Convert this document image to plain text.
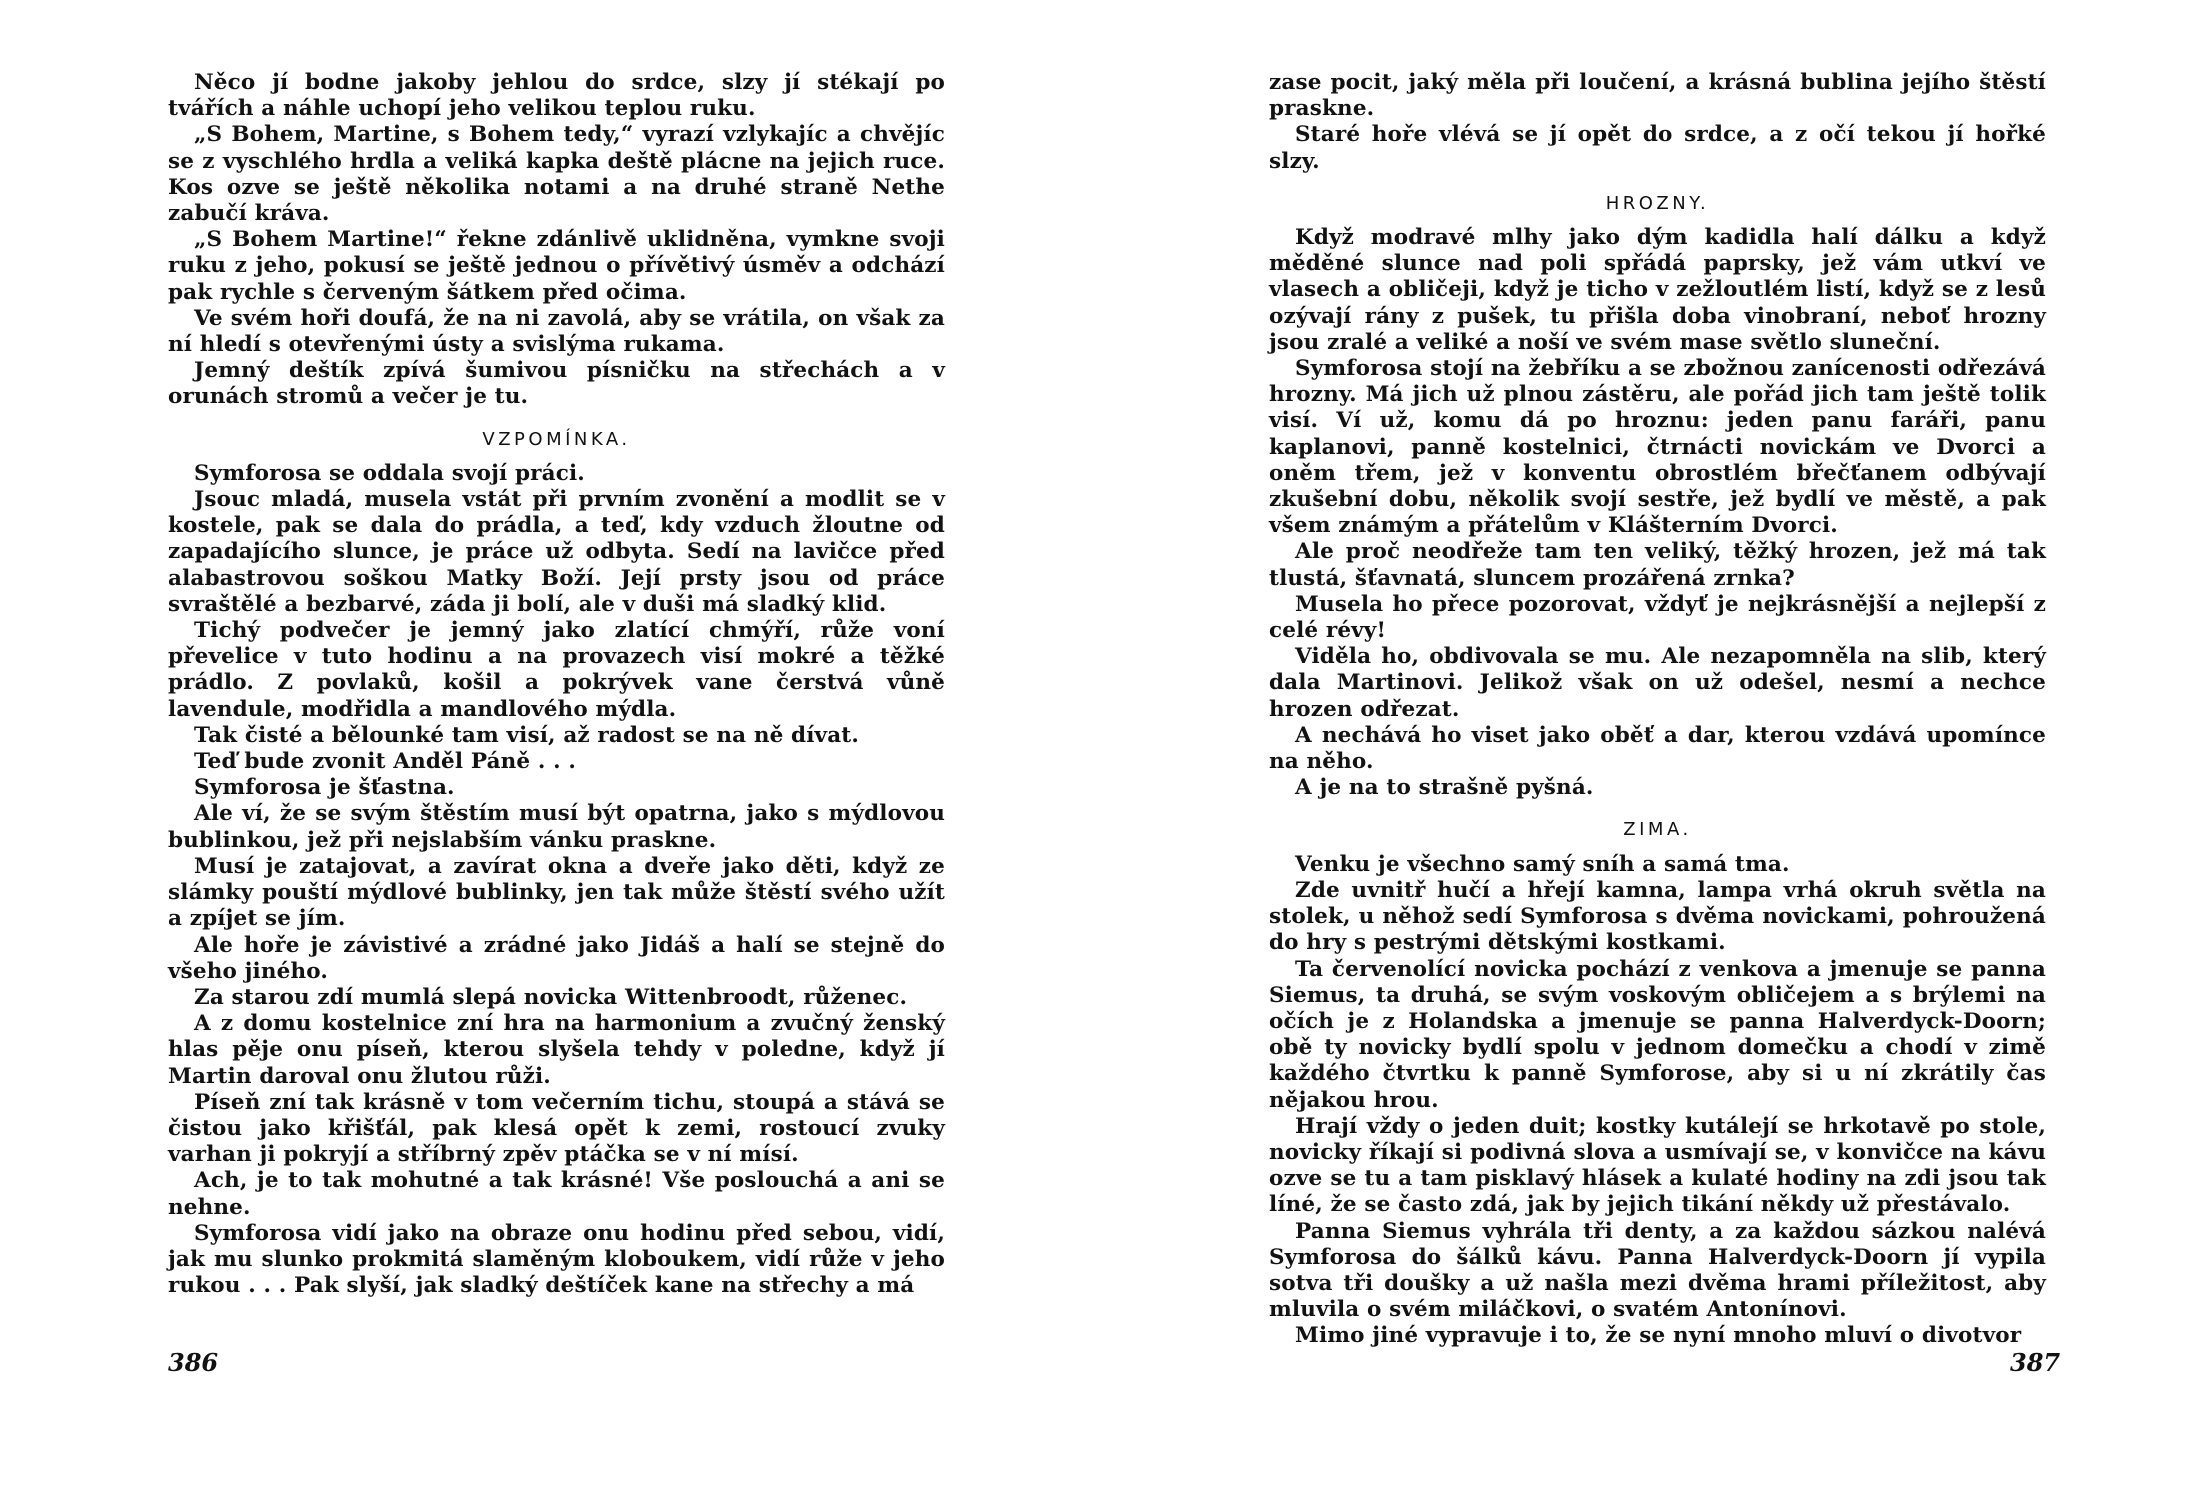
Něco jí bodne jakoby jehlou do srdce, slzy jí stékají po tvářích a náhle uchopí jeho velikou teplou ruku.

„S Bohem, Martine, s Bohem tedy,“ vyrazí vzlykajíc a chvějíc se z vyschlého hrdla a veliká kapka deště plácne na jejich ruce. Kos ozve se ještě několika notami a na druhé straně Nethe zabučí kráva.

„S Bohem Martine!“ řekne zdánlivě uklidněna, vymkne svoji ruku z jeho, pokusí se ještě jednou o přívětivý úsměv a odchází pak rychle s červeným šátkem před očima.

Ve svém hoři doufá, že na ni zavolá, aby se vrátila, on však za ní hledí s otevřenými ústy a svislýma rukama.

Jemný deštík zpívá šumivou písničku na střechách a v orunách stromů a večer je tu.

VZPOMÍNKA.

Symforosa se oddala svojí práci.

Jsouc mladá, musela vstát při prvním zvonění a modlit se v kostele, pak se dala do prádla, a teď, kdy vzduch žloutne od zapadajícího slunce, je práce už odbyta. Sedí na lavičce před alabastrovou soškou Matky Boží. Její prsty jsou od práce svraštělé a bezbarvé, záda ji bolí, ale v duši má sladký klid.

Tichý podvečer je jemný jako zlatící chmýří, růže voní převelice v tuto hodinu a na provazech visí mokré a těžké prádlo. Z povlaků, košil a pokrývek vane čerstvá vůně lavendule, modřidla a mandlového mýdla.

Tak čisté a bělounké tam visí, až radost se na ně dívat.

Teď bude zvonit Anděl Páně . . .

Symforosa je šťastna.

Ale ví, že se svým štěstím musí být opatrna, jako s mýdlovou bublinkou, jež při nejslabším vánku praskne.

Musí je zatajovat, a zavírat okna a dveře jako děti, když ze slámky pouští mýdlové bublinky, jen tak může štěstí svého užít a zpíjet se jím.

Ale hoře je závistivé a zrádné jako Jidáš a halí se stejně do všeho jiného.

Za starou zdí mumlá slepá novicka Wittenbroodt, růženec.

A z domu kostelnice zní hra na harmonium a zvučný ženský hlas pěje onu píseň, kterou slyšela tehdy v poledne, když jí Martin daroval onu žlutou růži.

Píseň zní tak krásně v tom večerním tichu, stoupá a stává se čistou jako křišťál, pak klesá opět k zemi, rostoucí zvuky varhan ji pokryjí a stříbrný zpěv ptáčka se v ní mísí.

Ach, je to tak mohutné a tak krásné! Vše poslouchá a ani se nehne.

Symforosa vidí jako na obraze onu hodinu před sebou, vidí, jak mu slunko prokmitá slaměným kloboukem, vidí růže v jeho rukou . . . Pak slyší, jak sladký deštíček kane na střechy a má

386

zase pocit, jaký měla při loučení, a krásná bublina jejího štěstí praskne.

Staré hoře vlévá se jí opět do srdce, a z očí tekou jí hořké slzy.

HROZNY.

Když modravé mlhy jako dým kadidla halí dálku a když měděné slunce nad poli spřádá paprsky, jež vám utkví ve vlasech a obličeji, když je ticho v zežloutlém listí, když se z lesů ozývají rány z pušek, tu přišla doba vinobraní, neboť hrozny jsou zralé a veliké a noší ve svém mase světlo sluneční.

Symforosa stojí na žebříku a se zbožnou zanícenosti odřezává hrozny. Má jich už plnou zástěru, ale pořád jich tam ještě tolik visí. Ví už, komu dá po hroznu: jeden panu faráři, panu kaplanovi, panně kostelnici, čtrnácti novickám ve Dvorci a oněm třem, jež v konventu obrostlém břečťanem odbývají zkušební dobu, několik svojí sestře, jež bydlí ve městě, a pak všem známým a přátelům v Klášterním Dvorci.

Ale proč neodřeže tam ten veliký, těžký hrozen, jež má tak tlustá, šťavnatá, sluncem prozářená zrnka?

Musela ho přece pozorovat, vždyť je nejkrásnější a nejlepší z celé révy!

Viděla ho, obdivovala se mu. Ale nezapomněla na slib, který dala Martinovi. Jelikož však on už odešel, nesmí a nechce hrozen odřezat.

A nechává ho viset jako oběť a dar, kterou vzdává upomínce na něho.

A je na to strašně pyšná.

ZIMA.

Venku je všechno samý sníh a samá tma.

Zde uvnitř hučí a hřejí kamna, lampa vrhá okruh světla na stolek, u něhož sedí Symforosa s dvěma novickami, pohroužená do hry s pestrými dětskými kostkami.

Ta červenolící novicka pochází z venkova a jmenuje se panna Siemus, ta druhá, se svým voskovým obličejem a s brýlemi na očích je z Holandska a jmenuje se panna Halverdyck-Doorn; obě ty novicky bydlí spolu v jednom domečku a chodí v zimě každého čtvrtku k panně Symforose, aby si u ní zkrátily čas nějakou hrou.

Hrají vždy o jeden duit; kostky kutálejí se hrkotavě po stole, novicky říkají si podivná slova a usmívají se, v konvičce na kávu ozve se tu a tam pisklavý hlásek a kulaté hodiny na zdi jsou tak líné, že se často zdá, jak by jejich tikání někdy už přestávalo.

Panna Siemus vyhrála tři denty, a za každou sázkou nalévá Symforosa do šálků kávu. Panna Halverdyck-Doorn jí vypila sotva tři doušky a už našla mezi dvěma hrami příležitost, aby mluvila o svém miláčkovi, o svatém Antonínovi.

Mimo jiné vypravuje i to, že se nyní mnoho mluví o divotvor

387
